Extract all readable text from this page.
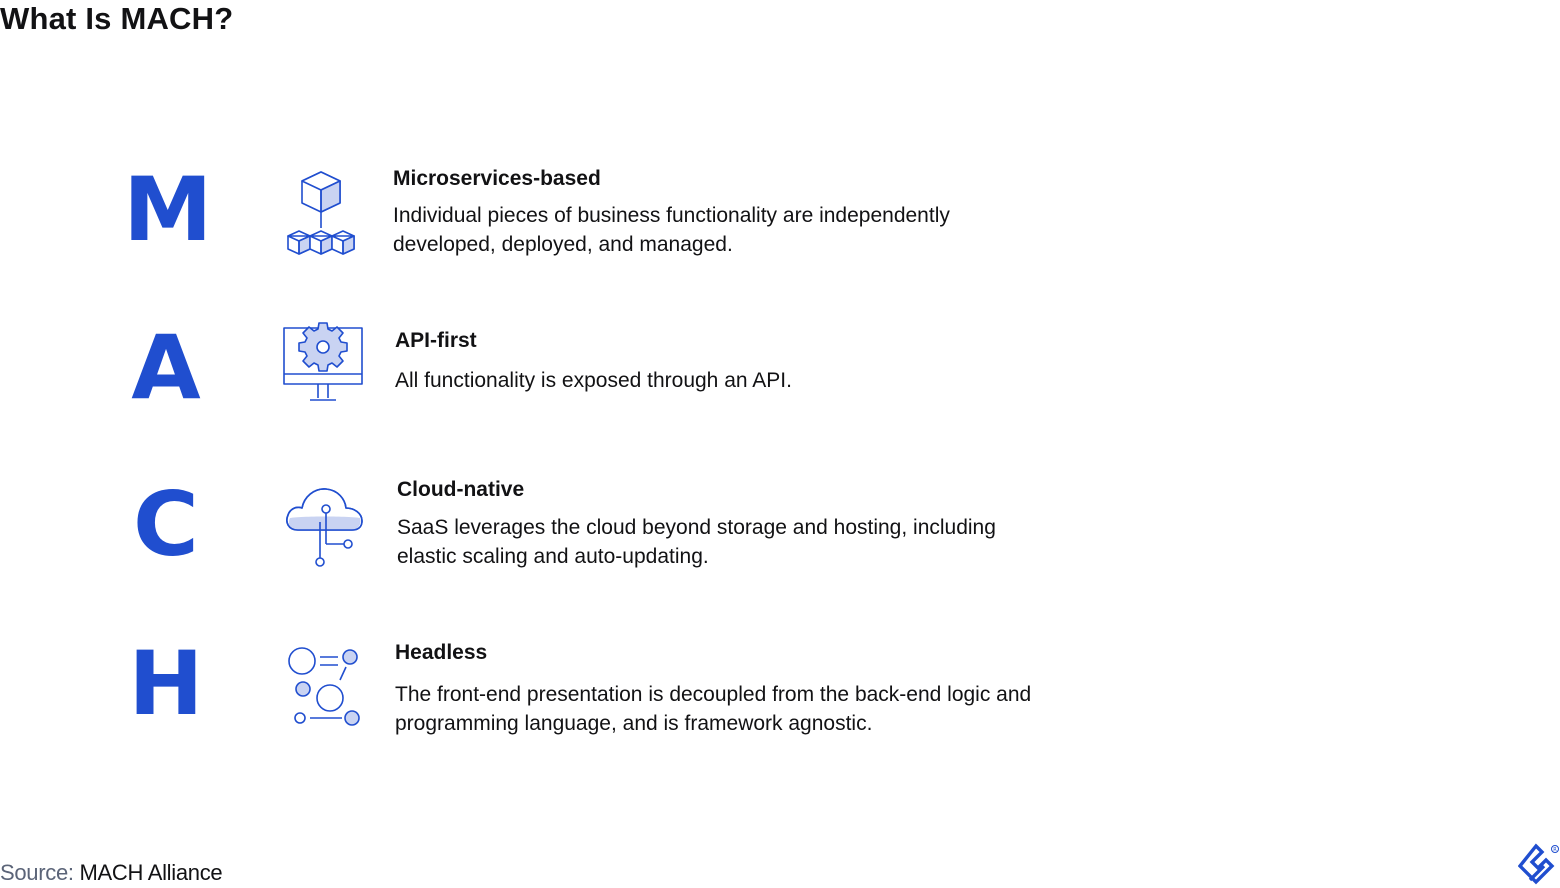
What Is MACH?
M	Microservices-based
Individual pieces of business functionality are independently
developed, deployed, and managed.
A	API-first
All functionality is exposed through an API.
C	Cloud-native
SaaS leverages the cloud beyond storage and hosting, including
elastic scaling and auto-updating.
H	Headless
The front-end presentation is decoupled from the back-end logic and
programming language, and is framework agnostic.
Source: MACH Alliance
R
